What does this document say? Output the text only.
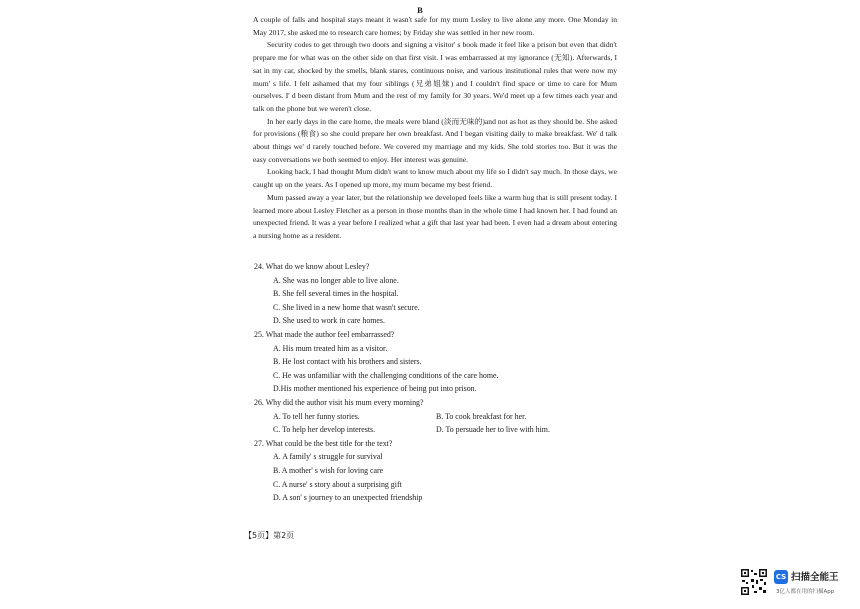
B

A couple of falls and hospital stays meant it wasn't safe for my mum Lesley to live alone any more. One Monday in May 2017, she asked me to research care homes; by Friday she was settled in her new room.

Security codes to get through two doors and signing a visitor' s book made it feel like a prison but even that didn't prepare me for what was on the other side on that first visit. I was embarrassed at my ignorance (无知). Afterwards, I sat in my car, shocked by the smells, blank stares, continuous noise, and various institutional rules that were now my mum' s life. I felt ashamed that my four siblings (兄弟姐妹) and I couldn't find space or time to care for Mum ourselves. I' d been distant from Mum and the rest of my family for 30 years. We'd meet up a few times each year and talk on the phone but we weren't close.

In her early days in the care home, the meals were bland (淡而无味的)and not as hot as they should be. She asked for provisions (粮食) so she could prepare her own breakfast. And I began visiting daily to make breakfast. We' d talk about things we' d rarely touched before. We covered my marriage and my kids. She told stories too. But it was the easy conversations we both seemed to enjoy. Her interest was genuine.

Looking back, I had thought Mum didn't want to know much about my life so I didn't say much. In those days, we caught up on the years. As I opened up more, my mum became my best friend.

Mum passed away a year later, but the relationship we developed feels like a warm hug that is still present today. I learned more about Lesley Fletcher as a person in those months than in the whole time I had known her. I had found an unexpected friend. It was a year before I realized what a gift that last year had been. I even had a dream about entering a nursing home as a resident.

24. What do we know about Lesley?

A. She was no longer able to live alone.

B. She fell several times in the hospital.

C. She lived in a new home that wasn't secure.

D. She used to work in care homes.

25. What made the author feel embarrassed?

A. His mum treated him as a visitor.

B. He lost contact with his brothers and sisters.

C. He was unfamiliar with the challenging conditions of the care home.

D.His mother mentioned his experience of being put into prison.

26. Why did the author visit his mum every morning?

A. To tell her funny stories.	B. To cook breakfast for her.

C. To help her develop interests.	D. To persuade her to live with him.

27. What could be the best title for the text?

A. A family' s struggle for survival

B. A mother' s wish for loving care

C. A nurse' s story about a surprising gift

D. A son' s journey to an unexpected friendship

【5页】第2页
CS 扫描全能王
3亿人都在用的扫描App
